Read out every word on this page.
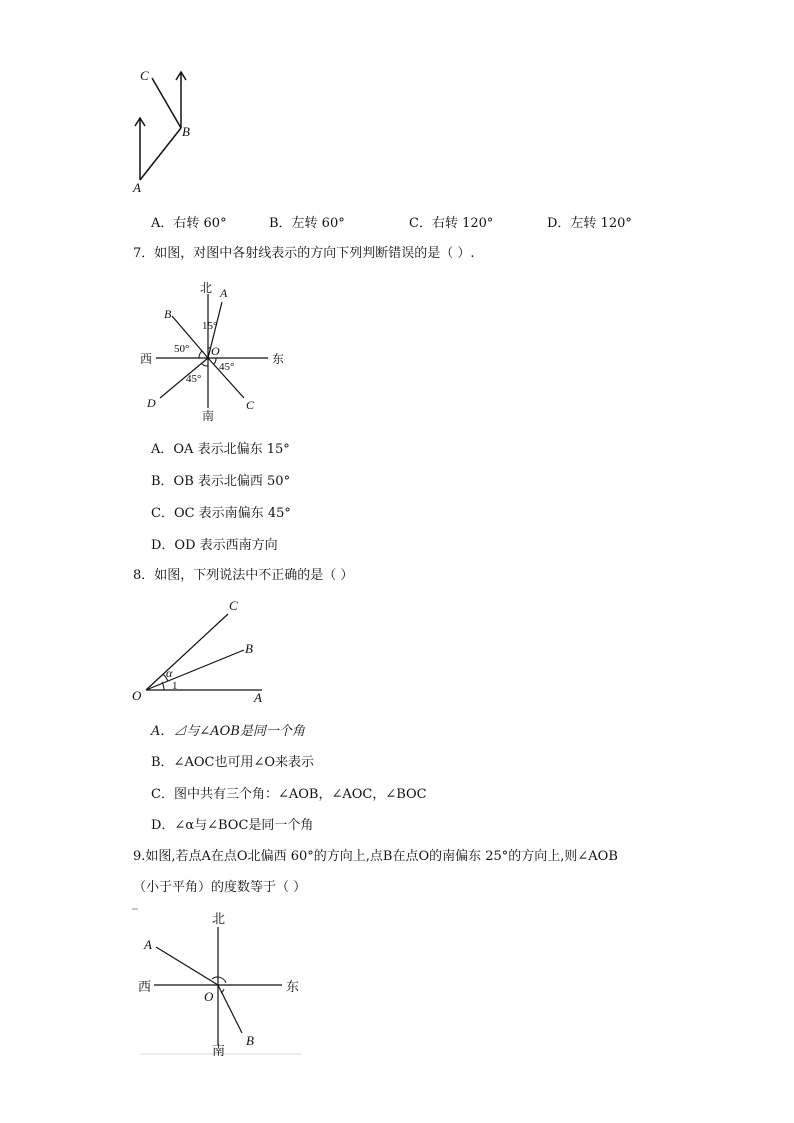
C
B
A
A．右转 60°	B．左转 60°	C．右转 120°	D．左转 120°
7．如图，对图中各射线表示的方向下列判断错误的是（ ）.
北
南
西	东
A
B
C
D
O
15°
50°
45°
45°
A．OA 表示北偏东 15°
B．OB 表示北偏西 50°
C．OC 表示南偏东 45°
D．OD 表示西南方向
8．如图，下列说法中不正确的是（ ）
C
B
O	A
α
1
A．⊿与∠AOB是同一个角
B．∠AOC也可用∠O来表示
C．图中共有三个角：∠AOB，∠AOC，∠BOC
D．∠α与∠BOC是同一个角
9.如图,若点A在点O北偏西 60°的方向上,点B在点O的南偏东 25°的方向上,则∠AOB
（小于平角）的度数等于（ ）
北
南
西	东
A
O
B
